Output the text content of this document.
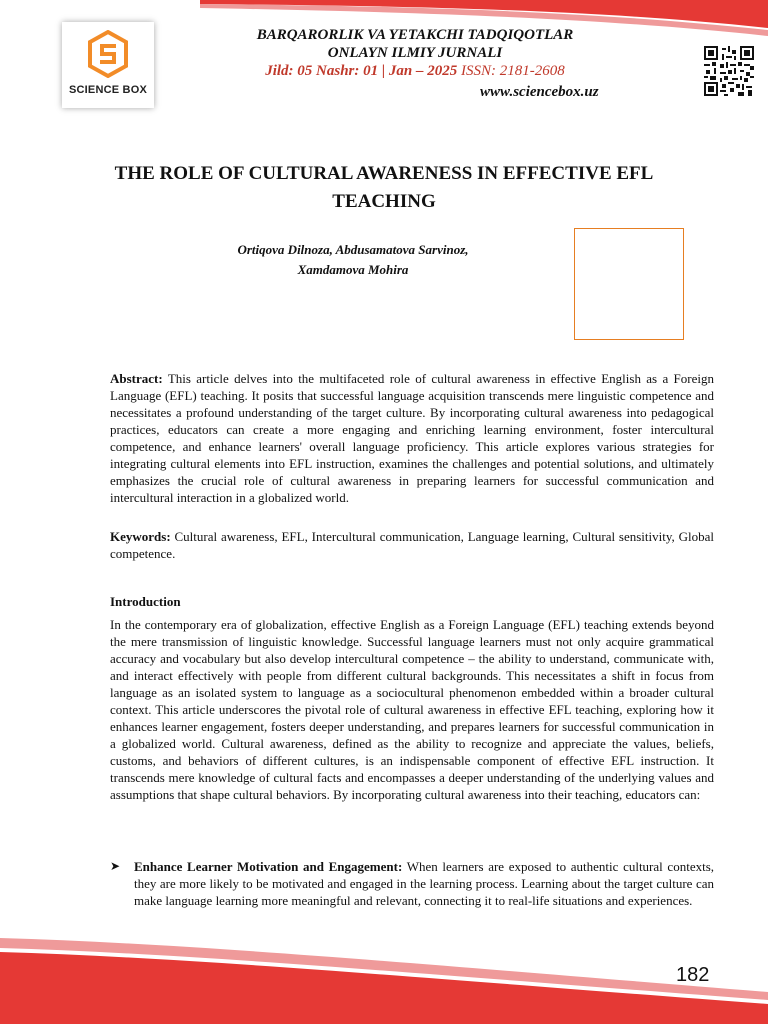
SCIENCE BOX
BARQARORLIK VA YETAKCHI TADQIQOTLAR
ONLAYN ILMIY JURNALI
Jild: 05 Nashr: 01 | Jan – 2025 ISSN: 2181-2608
www.sciencebox.uz
THE ROLE OF CULTURAL AWARENESS IN EFFECTIVE EFL TEACHING
Ortiqova Dilnoza, Abdusamatova Sarvinoz,
Xamdamova Mohira
Abstract: This article delves into the multifaceted role of cultural awareness in effective English as a Foreign Language (EFL) teaching. It posits that successful language acquisition transcends mere linguistic competence and necessitates a profound understanding of the target culture. By incorporating cultural awareness into pedagogical practices, educators can create a more engaging and enriching learning environment, foster intercultural competence, and enhance learners' overall language proficiency. This article explores various strategies for integrating cultural elements into EFL instruction, examines the challenges and potential solutions, and ultimately emphasizes the crucial role of cultural awareness in preparing learners for successful communication and intercultural interaction in a globalized world.
Keywords: Cultural awareness, EFL, Intercultural communication, Language learning, Cultural sensitivity, Global competence.
Introduction
In the contemporary era of globalization, effective English as a Foreign Language (EFL) teaching extends beyond the mere transmission of linguistic knowledge. Successful language learners must not only acquire grammatical accuracy and vocabulary but also develop intercultural competence – the ability to understand, communicate with, and interact effectively with people from different cultural backgrounds. This necessitates a shift in focus from language as an isolated system to language as a sociocultural phenomenon embedded within a broader cultural context. This article underscores the pivotal role of cultural awareness in effective EFL teaching, exploring how it enhances learner engagement, fosters deeper understanding, and prepares learners for successful communication in a globalized world. Cultural awareness, defined as the ability to recognize and appreciate the values, beliefs, customs, and behaviors of different cultures, is an indispensable component of effective EFL instruction. It transcends mere knowledge of cultural facts and encompasses a deeper understanding of the underlying values and assumptions that shape cultural behaviors. By incorporating cultural awareness into their teaching, educators can:
➤ Enhance Learner Motivation and Engagement: When learners are exposed to authentic cultural contexts, they are more likely to be motivated and engaged in the learning process. Learning about the target culture can make language learning more meaningful and relevant, connecting it to real-life situations and experiences.
182
